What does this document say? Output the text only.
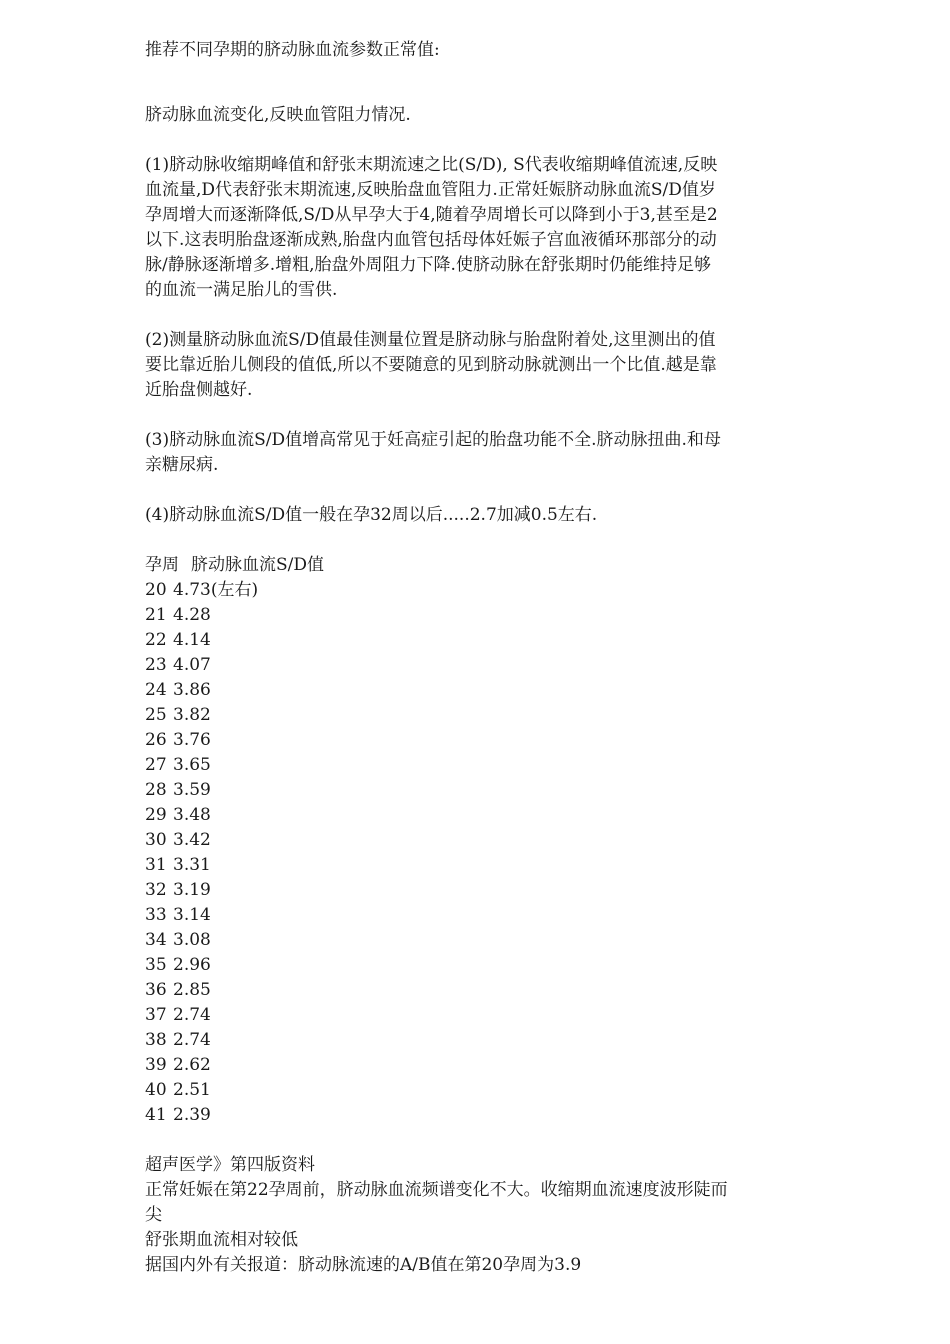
推荐不同孕期的脐动脉血流参数正常值:
脐动脉血流变化,反映血管阻力情况.
(1)脐动脉收缩期峰值和舒张末期流速之比(S/D), S代表收缩期峰值流速,反映
血流量,D代表舒张末期流速,反映胎盘血管阻力.正常妊娠脐动脉血流S/D值岁
孕周增大而逐渐降低,S/D从早孕大于4,随着孕周增长可以降到小于3,甚至是2
以下.这表明胎盘逐渐成熟,胎盘内血管包括母体妊娠子宫血液循环那部分的动
脉/静脉逐渐增多.增粗,胎盘外周阻力下降.使脐动脉在舒张期时仍能维持足够
的血流一满足胎儿的雪供.
(2)测量脐动脉血流S/D值最佳测量位置是脐动脉与胎盘附着处,这里测出的值
要比靠近胎儿侧段的值低,所以不要随意的见到脐动脉就测出一个比值.越是靠
近胎盘侧越好.
(3)脐动脉血流S/D值增高常见于妊高症引起的胎盘功能不全.脐动脉扭曲.和母
亲糖尿病.
(4)脐动脉血流S/D值一般在孕32周以后.....2.7加减0.5左右.
孕周 脐动脉血流S/D值
20 4.73(左右)
21 4.28
22 4.14
23 4.07
24 3.86
25 3.82
26 3.76
27 3.65
28 3.59
29 3.48
30 3.42
31 3.31
32 3.19
33 3.14
34 3.08
35 2.96
36 2.85
37 2.74
38 2.74
39 2.62
40 2.51
41 2.39
超声医学》第四版资料
正常妊娠在第22孕周前，脐动脉血流频谱变化不大。收缩期血流速度波形陡而
尖
舒张期血流相对较低
据国内外有关报道：脐动脉流速的A/B值在第20孕周为3.9
